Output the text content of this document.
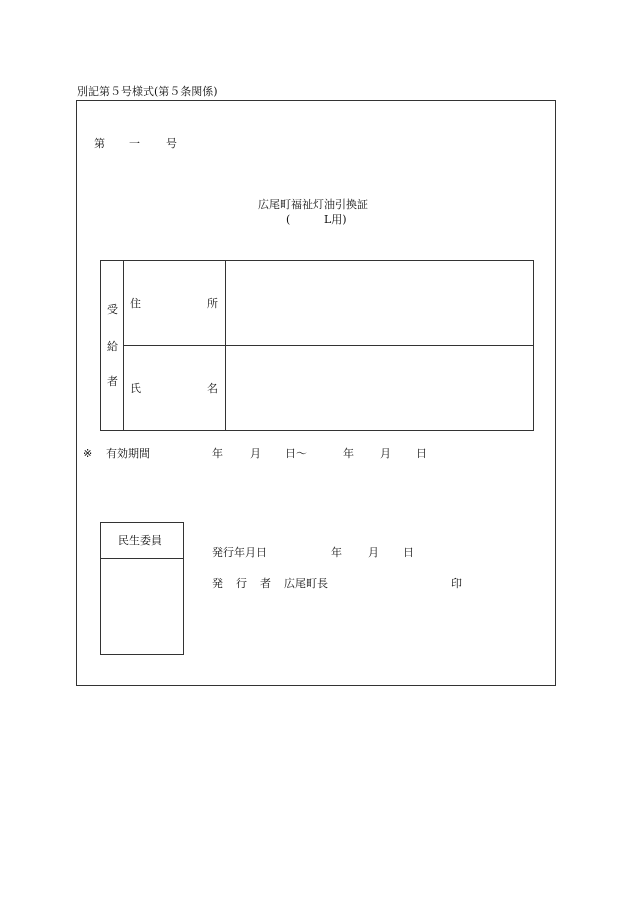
別記第５号様式(第５条関係)
第 一 号
広尾町福祉灯油引換証
(	L用)
受
給
者
住	所
氏	名
※ 有効期間	年 月 日〜	年 月 日
民生委員
発行年月日	年 月 日
発 行 者 広尾町長	印
